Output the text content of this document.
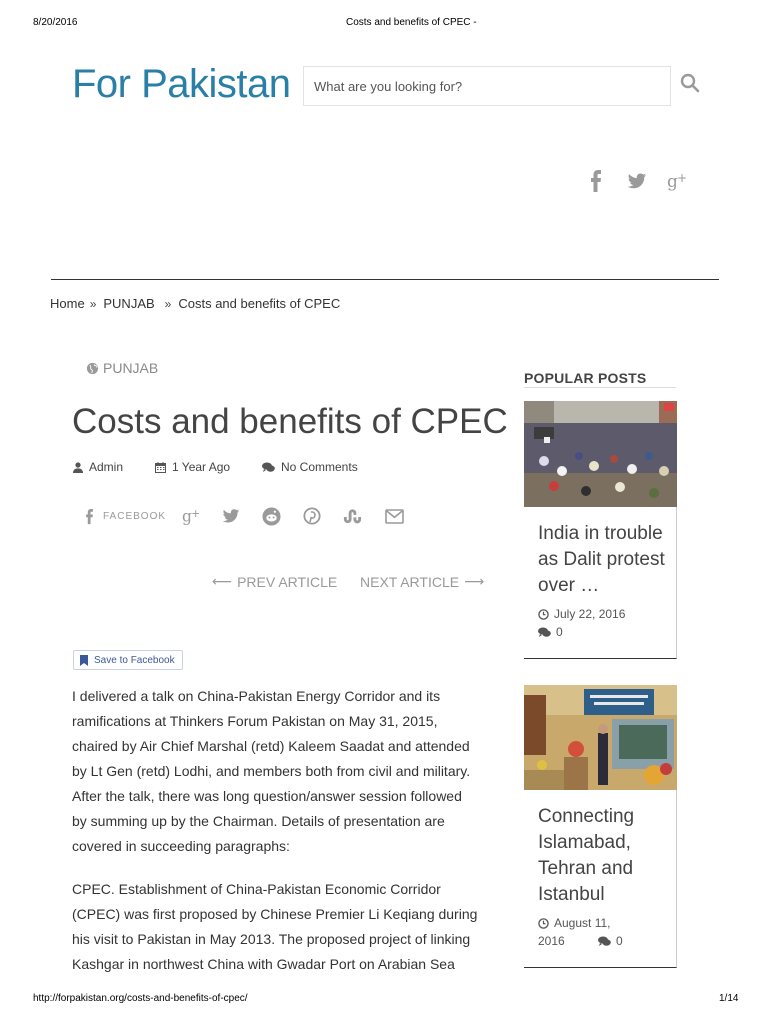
8/20/2016	Costs and benefits of CPEC -
For Pakistan
What are you looking for?
g +
Home » PUNJAB » Costs and benefits of CPEC
PUNJAB
Costs and benefits of CPEC
Admin	1 Year Ago	No Comments
FACEBOOK g +
⟵ PREV ARTICLE NEXT ARTICLE ⟶
Save to Facebook
I delivered a talk on China-Pakistan Energy Corridor and its
ramifications at Thinkers Forum Pakistan on May 31, 2015,
chaired by Air Chief Marshal (retd) Kaleem Saadat and attended
by Lt Gen (retd) Lodhi, and members both from civil and military.
After the talk, there was long question/answer session followed
by summing up by the Chairman. Details of presentation are
covered in succeeding paragraphs:
CPEC. Establishment of China-Pakistan Economic Corridor
(CPEC) was first proposed by Chinese Premier Li Keqiang during
his visit to Pakistan in May 2013. The proposed project of linking
Kashgar in northwest China with Gwadar Port on Arabian Sea
POPULAR POSTS
India in trouble
as Dalit protest
over …
July 22, 2016
0
Connecting
Islamabad,
Tehran and
Istanbul
August 11,
2016	0
http://forpakistan.org/costs-and-benefits-of-cpec/	1/14
